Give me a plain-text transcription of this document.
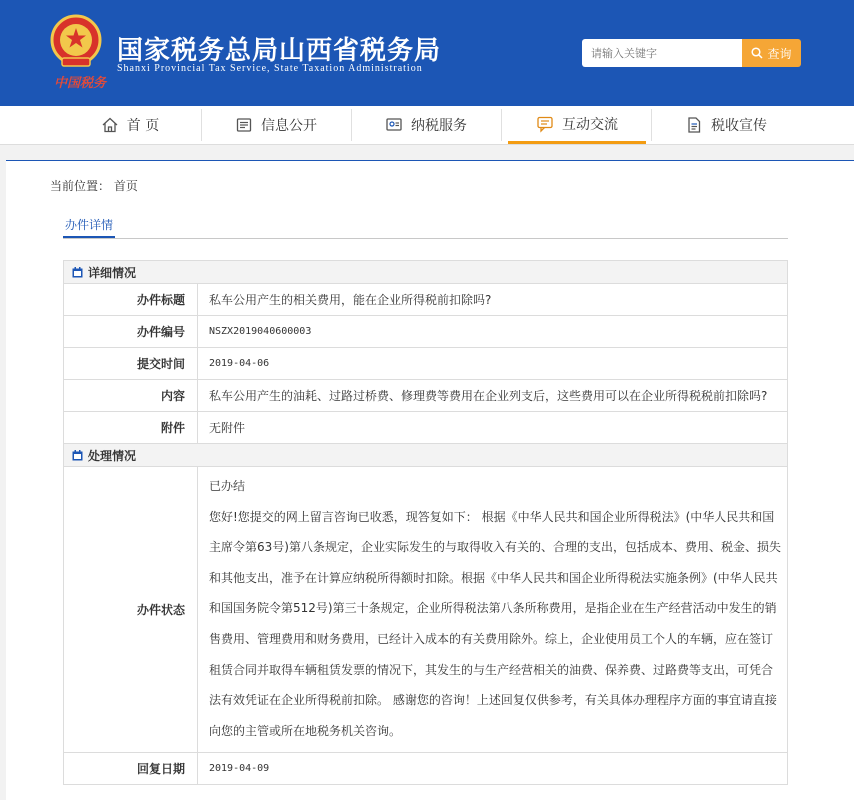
国家税务总局山西省税务局
Shanxi Provincial Tax Service, State Taxation Administration
中国税务
请输入关键字
查询
首 页	信息公开	纳税服务	互动交流	税收宣传
当前位置： 首页
办件详情
详细情况
办件标题	私车公用产生的相关费用，能在企业所得税前扣除吗?
办件编号	NSZX2019040600003
提交时间	2019-04-06
内容	私车公用产生的油耗、过路过桥费、修理费等费用在企业列支后，这些费用可以在企业所得税税前扣除吗?
附件	无附件
处理情况
办件状态
已办结
您好!您提交的网上留言咨询已收悉，现答复如下： 根据《中华人民共和国企业所得税法》(中华人民共和国主席令第63号)第八条规定，企业实际发生的与取得收入有关的、合理的支出，包括成本、费用、税金、损失和其他支出，准予在计算应纳税所得额时扣除。根据《中华人民共和国企业所得税法实施条例》(中华人民共和国国务院令第512号)第三十条规定，企业所得税法第八条所称费用，是指企业在生产经营活动中发生的销售费用、管理费用和财务费用，已经计入成本的有关费用除外。综上，企业使用员工个人的车辆，应在签订租赁合同并取得车辆租赁发票的情况下，其发生的与生产经营相关的油费、保养费、过路费等支出，可凭合法有效凭证在企业所得税前扣除。 感谢您的咨询！上述回复仅供参考，有关具体办理程序方面的事宜请直接向您的主管或所在地税务机关咨询。
回复日期	2019-04-09
